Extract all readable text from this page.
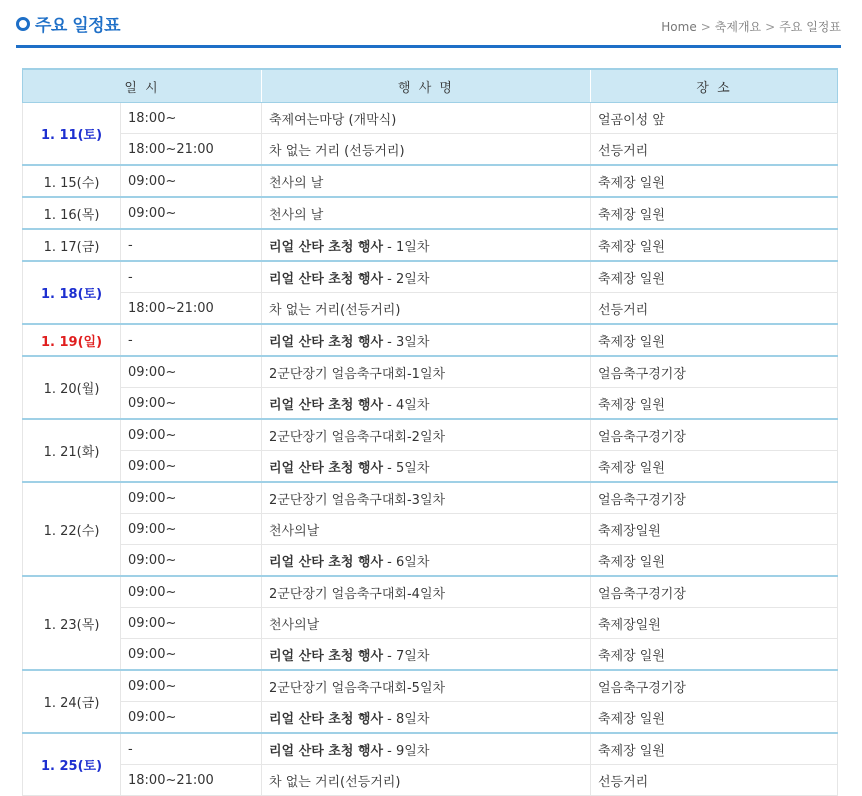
주요 일정표	Home > 축제개요 > 주요 일정표
일 시		행 사 명	장 소
1. 11(토)	18:00~	축제여는마당 (개막식)	얼곰이성 앞
	18:00~21:00	차 없는 거리 (선등거리)	선등거리
1. 15(수)	09:00~	천사의 날	축제장 일원
1. 16(목)	09:00~	천사의 날	축제장 일원
1. 17(금)	-	리얼 산타 초청 행사 - 1일차	축제장 일원
1. 18(토)	-	리얼 산타 초청 행사 - 2일차	축제장 일원
	18:00~21:00	차 없는 거리(선등거리)	선등거리
1. 19(일)	-	리얼 산타 초청 행사 - 3일차	축제장 일원
1. 20(월)	09:00~	2군단장기 얼음축구대회-1일차	얼음축구경기장
	09:00~	리얼 산타 초청 행사 - 4일차	축제장 일원
1. 21(화)	09:00~	2군단장기 얼음축구대회-2일차	얼음축구경기장
	09:00~	리얼 산타 초청 행사 - 5일차	축제장 일원
1. 22(수)	09:00~	2군단장기 얼음축구대회-3일차	얼음축구경기장
	09:00~	천사의날	축제장일원
	09:00~	리얼 산타 초청 행사 - 6일차	축제장 일원
1. 23(목)	09:00~	2군단장기 얼음축구대회-4일차	얼음축구경기장
	09:00~	천사의날	축제장일원
	09:00~	리얼 산타 초청 행사 - 7일차	축제장 일원
1. 24(금)	09:00~	2군단장기 얼음축구대회-5일차	얼음축구경기장
	09:00~	리얼 산타 초청 행사 - 8일차	축제장 일원
1. 25(토)	-	리얼 산타 초청 행사 - 9일차	축제장 일원
	18:00~21:00	차 없는 거리(선등거리)	선등거리
